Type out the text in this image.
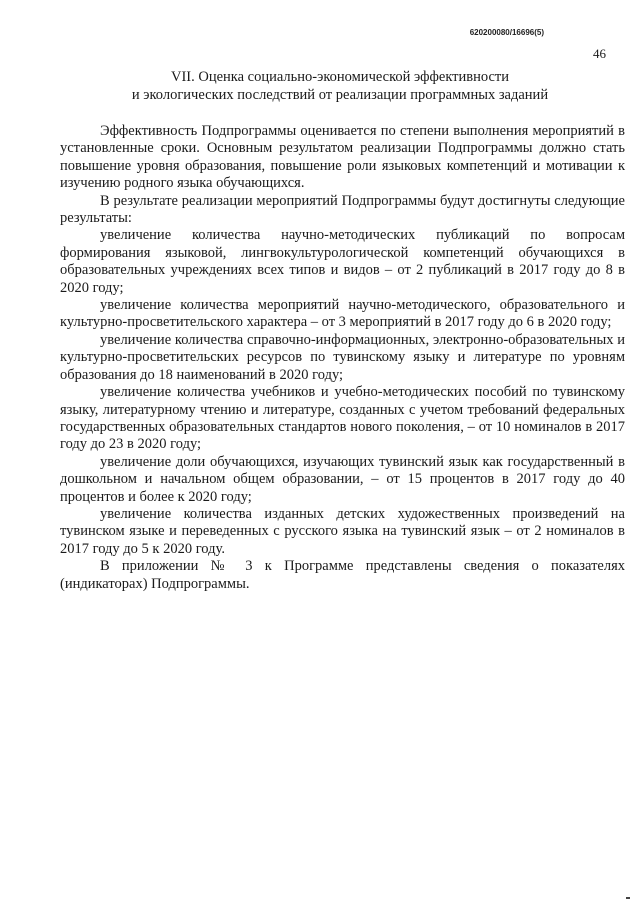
620200080/16696(5)
46
VII. Оценка социально-экономической эффективности
и экологических последствий от реализации программных заданий

Эффективность Подпрограммы оценивается по степени выполнения мероприятий в установленные сроки. Основным результатом реализации Подпрограммы должно стать повышение уровня образования, повышение роли языковых компетенций и мотивации к изучению родного языка обучающихся.

В результате реализации мероприятий Подпрограммы будут достигнуты следующие результаты:

увеличение количества научно-методических публикаций по вопросам формирования языковой, лингвокультурологической компетенций обучающихся в образовательных учреждениях всех типов и видов – от 2 публикаций в 2017 году до 8 в 2020 году;

увеличение количества мероприятий научно-методического, образовательного и культурно-просветительского характера – от 3 мероприятий в 2017 году до 6 в 2020 году;

увеличение количества справочно-информационных, электронно-образовательных и культурно-просветительских ресурсов по тувинскому языку и литературе по уровням образования до 18 наименований в 2020 году;

увеличение количества учебников и учебно-методических пособий по тувинскому языку, литературному чтению и литературе, созданных с учетом требований федеральных государственных образовательных стандартов нового поколения, – от 10 номиналов в 2017 году до 23 в 2020 году;

увеличение доли обучающихся, изучающих тувинский язык как государственный в дошкольном и начальном общем образовании, – от 15 процентов в 2017 году до 40 процентов и более к 2020 году;

увеличение количества изданных детских художественных произведений на тувинском языке и переведенных с русского языка на тувинский язык – от 2 номиналов в 2017 году до 5 к 2020 году.

В приложении № 3 к Программе представлены сведения о показателях (индикаторах) Подпрограммы.
